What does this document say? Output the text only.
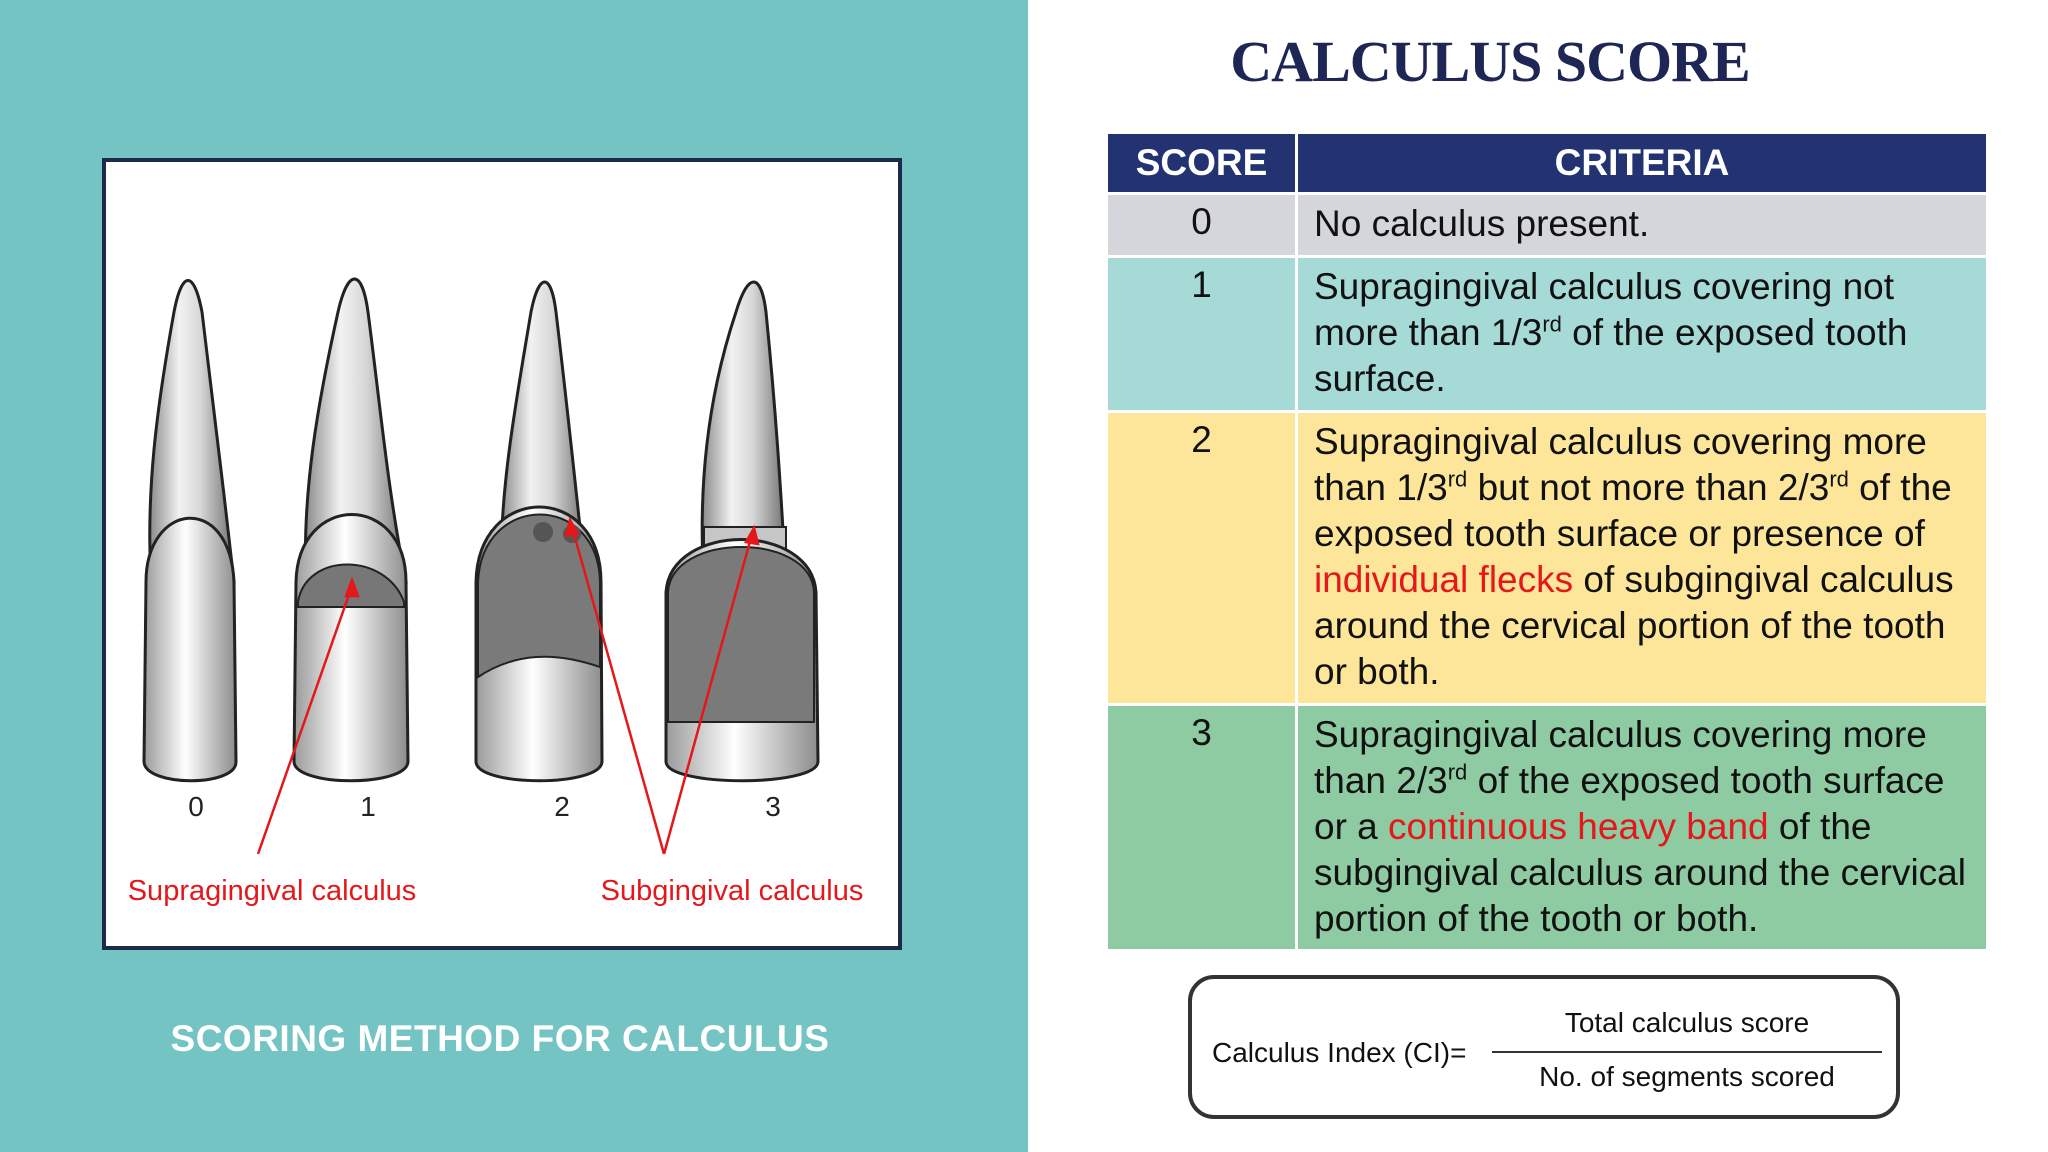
0	1	2	3
Supragingival calculus	Subgingival calculus
SCORING METHOD FOR CALCULUS
CALCULUS SCORE
SCORE	CRITERIA
0	No calculus present.

1	Supragingival calculus covering not more than 1/3rd of the exposed tooth surface.

2	Supragingival calculus covering more than 1/3rd but not more than 2/3rd of the exposed tooth surface or presence of individual flecks of subgingival calculus around the cervical portion of the tooth or both.

3	Supragingival calculus covering more than 2/3rd of the exposed tooth surface or a continuous heavy band of the subgingival calculus around the cervical portion of the tooth or both.

Calculus Index (CI)=
Total calculus score
No. of segments scored
